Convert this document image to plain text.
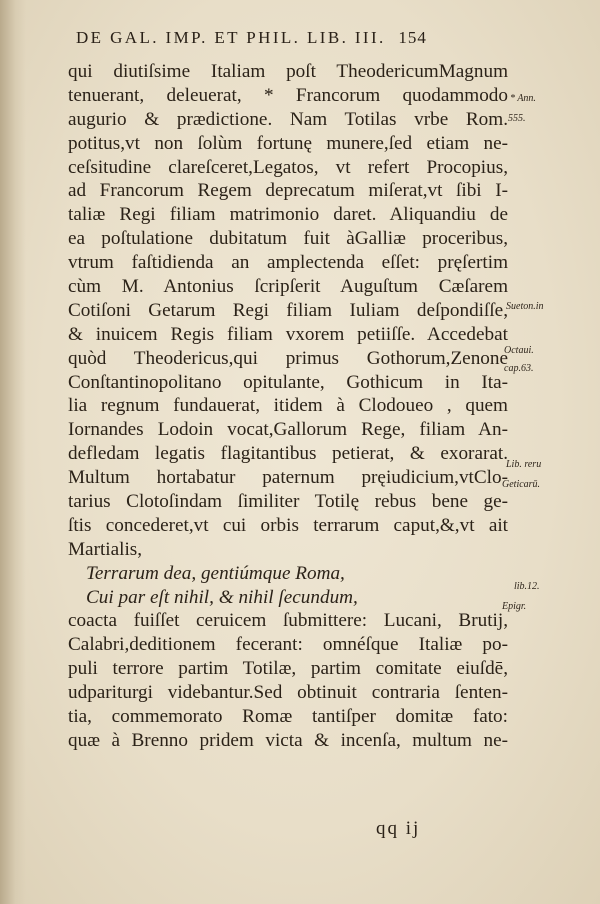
DE GAL. IMP. ET PHIL. LIB. III. 154
qui diutiſsime Italiam poſt TheodericumMagnum
tenuerant, deleuerat, * Francorum quodammodo
augurio & prædictione. Nam Totilas vrbe Rom.
potitus,vt non ſolùm fortunę munere,ſed etiam ne-
ceſsitudine clareſceret,Legatos, vt refert Procopius,
ad Francorum Regem deprecatum miſerat,vt ſibi I-
taliæ Regi filiam matrimonio daret. Aliquandiu de
ea poſtulatione dubitatum fuit àGalliæ proceribus,
vtrum faſtidienda an amplectenda eſſet: pręſertim
cùm M. Antonius ſcripſerit Auguſtum Cæſarem
Cotiſoni Getarum Regi filiam Iuliam deſpondiſſe,
& inuicem Regis filiam vxorem petiiſſe. Accedebat
quòd Theodericus,qui primus Gothorum,Zenone
Conſtantinopolitano opitulante, Gothicum in Ita-
lia regnum fundauerat, itidem à Clodoueo , quem
Iornandes Lodoin vocat,Gallorum Rege, filiam An-
defledam legatis flagitantibus petierat, & exorarat.
Multum hortabatur paternum pręiudicium,vtClo-
tarius Clotoſindam ſimiliter Totilę rebus bene ge-
ſtis concederet,vt cui orbis terrarum caput,&,vt ait
Martialis,
Terrarum dea, gentiúmque Roma,
Cui par eſt nihil, & nihil ſecundum,
coacta fuiſſet ceruicem ſubmittere: Lucani, Brutij,
Calabri,deditionem fecerant: omnéſque Italiæ po-
puli terrore partim Totilæ, partim comitate eiuſdē,
udpariturgi videbantur.Sed obtinuit contraria ſenten-
tia, commemorato Romæ tantiſper domitæ fato:
quæ à Brenno pridem victa & incenſa, multum ne-
* Ann.
555.
Sueton.in
Octaui.
cap.63.
Lib. reru
Geticarū.
lib.12.
Epigr.
qq ij
